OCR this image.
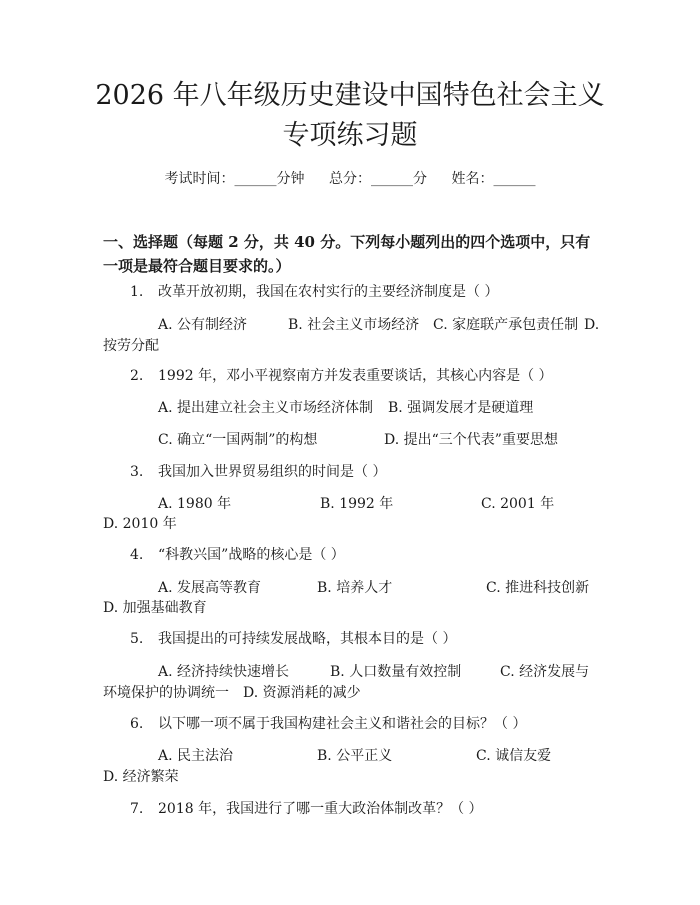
2026 年八年级历史建设中国特色社会主义专项练习题
考试时间：______分钟 总分：______分 姓名：______

一、选择题（每题 2 分，共 40 分。下列每小题列出的四个选项中，只有一项是最符合题目要求的。）

1. 改革开放初期，我国在农村实行的主要经济制度是（ ）
A. 公有制经济	B. 社会主义市场经济 C. 家庭联产承包责任制 D.
按劳分配
2. 1992 年，邓小平视察南方并发表重要谈话，其核心内容是（ ）
A. 提出建立社会主义市场经济体制 B. 强调发展才是硬道理
C. 确立“一国两制”的构想	D. 提出“三个代表”重要思想
3. 我国加入世界贸易组织的时间是（ ）
A. 1980 年	B. 1992 年	C. 2001 年
D. 2010 年
4. “科教兴国”战略的核心是（ ）
A. 发展高等教育	B. 培养人才	C. 推进科技创新
D. 加强基础教育
5. 我国提出的可持续发展战略，其根本目的是（ ）
A. 经济持续快速增长	B. 人口数量有效控制	C. 经济发展与
环境保护的协调统一 D. 资源消耗的减少
6. 以下哪一项不属于我国构建社会主义和谐社会的目标？（ ）
A. 民主法治	B. 公平正义	C. 诚信友爱
D. 经济繁荣
7. 2018 年，我国进行了哪一重大政治体制改革？（ ）
